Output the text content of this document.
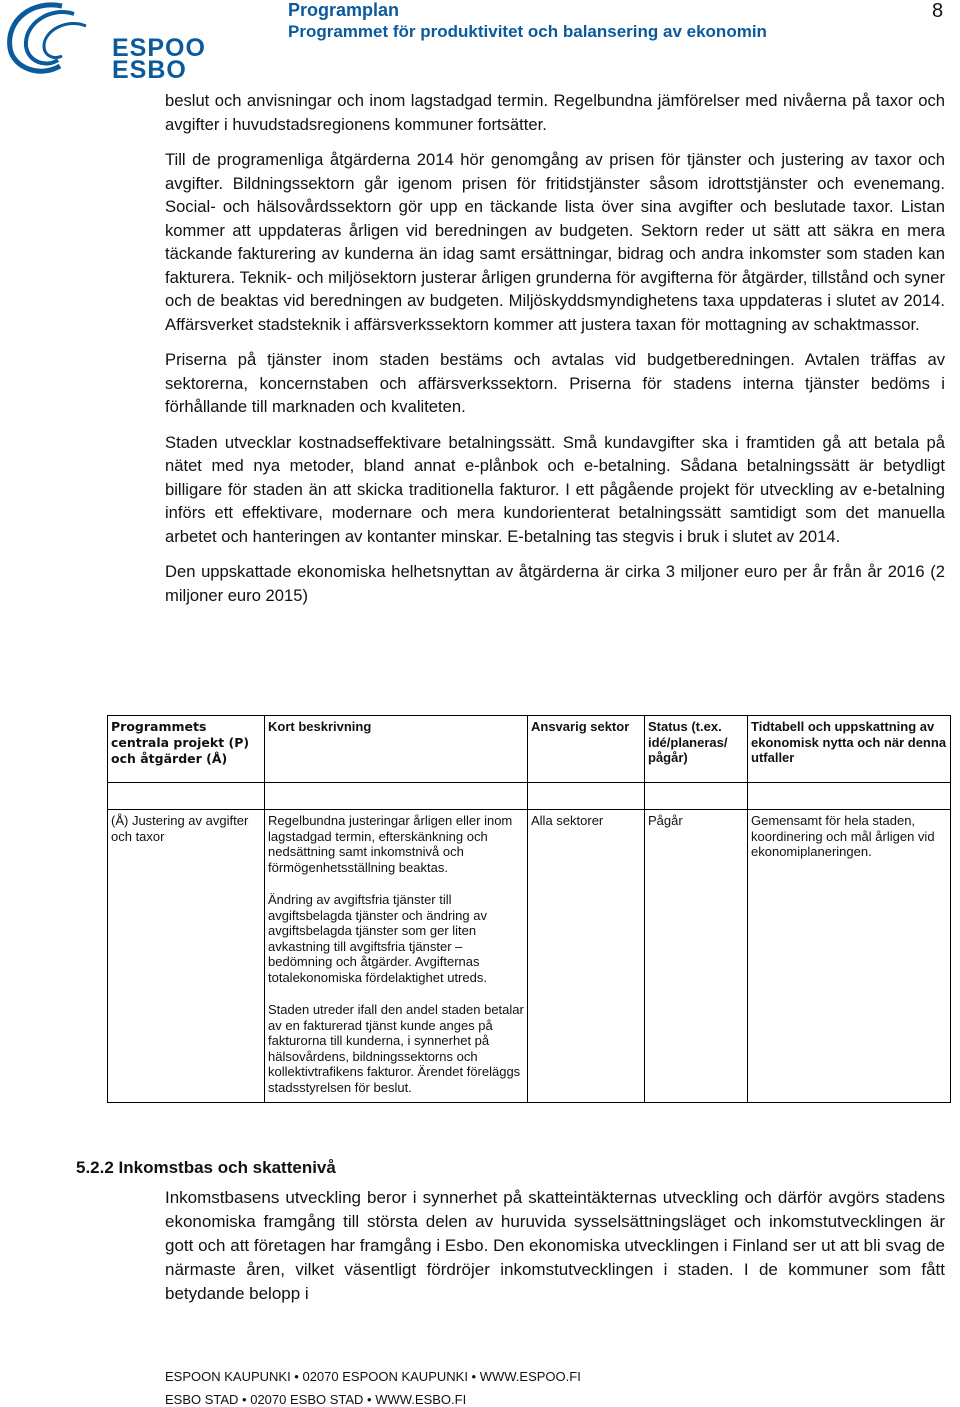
ESPOO
ESBO
Programplan
Programmet för produktivitet och balansering av ekonomin
8

beslut och anvisningar och inom lagstadgad termin. Regelbundna jämförelser med nivåerna på taxor och avgifter i huvudstadsregionens kommuner fortsätter.

Till de programenliga åtgärderna 2014 hör genomgång av prisen för tjänster och justering av taxor och avgifter. Bildningssektorn går igenom prisen för fritidstjänster såsom idrottstjänster och evenemang. Social- och hälsovårdssektorn gör upp en täckande lista över sina avgifter och beslutade taxor. Listan kommer att uppdateras årligen vid beredningen av budgeten. Sektorn reder ut sätt att säkra en mera täckande fakturering av kunderna än idag samt ersättningar, bidrag och andra inkomster som staden kan fakturera. Teknik- och miljösektorn justerar årligen grunderna för avgifterna för åtgärder, tillstånd och syner och de beaktas vid beredningen av budgeten. Miljöskyddsmyndighetens taxa uppdateras i slutet av 2014. Affärsverket stadsteknik i affärsverkssektorn kommer att justera taxan för mottagning av schaktmassor.

Priserna på tjänster inom staden bestäms och avtalas vid budgetberedningen. Avtalen träffas av sektorerna, koncernstaben och affärsverkssektorn. Priserna för stadens interna tjänster bedöms i förhållande till marknaden och kvaliteten.

Staden utvecklar kostnadseffektivare betalningssätt. Små kundavgifter ska i framtiden gå att betala på nätet med nya metoder, bland annat e-plånbok och e-betalning. Sådana betalningssätt är betydligt billigare för staden än att skicka traditionella fakturor. I ett pågående projekt för utveckling av e-betalning införs ett effektivare, modernare och mera kundorienterat betalningssätt samtidigt som det manuella arbetet och hanteringen av kontanter minskar. E-betalning tas stegvis i bruk i slutet av 2014.

Den uppskattade ekonomiska helhetsnyttan av åtgärderna är cirka 3 miljoner euro per år från år 2016 (2 miljoner euro 2015)

Programmets centrala projekt (P) och åtgärder (Å)	Kort beskrivning	Ansvarig sektor	Status (t.ex. idé/planeras/ pågår)	Tidtabell och uppskattning av ekonomisk nytta och när denna utfaller

(Å) Justering av avgifter och taxor	Regelbundna justeringar årligen eller inom lagstadgad termin, efterskänkning och nedsättning samt inkomstnivå och förmögenhetsställning beaktas.
Ändring av avgiftsfria tjänster till avgiftsbelagda tjänster och ändring av avgiftsbelagda tjänster som ger liten avkastning till avgiftsfria tjänster – bedömning och åtgärder. Avgifternas totalekonomiska fördelaktighet utreds.
Staden utreder ifall den andel staden betalar av en fakturerad tjänst kunde anges på fakturorna till kunderna, i synnerhet på hälsovårdens, bildningssektorns och kollektivtrafikens fakturor. Ärendet föreläggs stadsstyrelsen för beslut.	Alla sektorer	Pågår	Gemensamt för hela staden, koordinering och mål årligen vid ekonomiplaneringen.
5.2.2 Inkomstbas och skattenivå
Inkomstbasens utveckling beror i synnerhet på skatteintäkternas utveckling och därför avgörs stadens ekonomiska framgång till största delen av huruvida sysselsättningsläget och inkomstutvecklingen är gott och att företagen har framgång i Esbo. Den ekonomiska utvecklingen i Finland ser ut att bli svag de närmaste åren, vilket väsentligt fördröjer inkomstutvecklingen i staden. I de kommuner som fått betydande belopp i
ESPOON KAUPUNKI • 02070 ESPOON KAUPUNKI • WWW.ESPOO.FI
ESBO STAD • 02070 ESBO STAD • WWW.ESBO.FI
